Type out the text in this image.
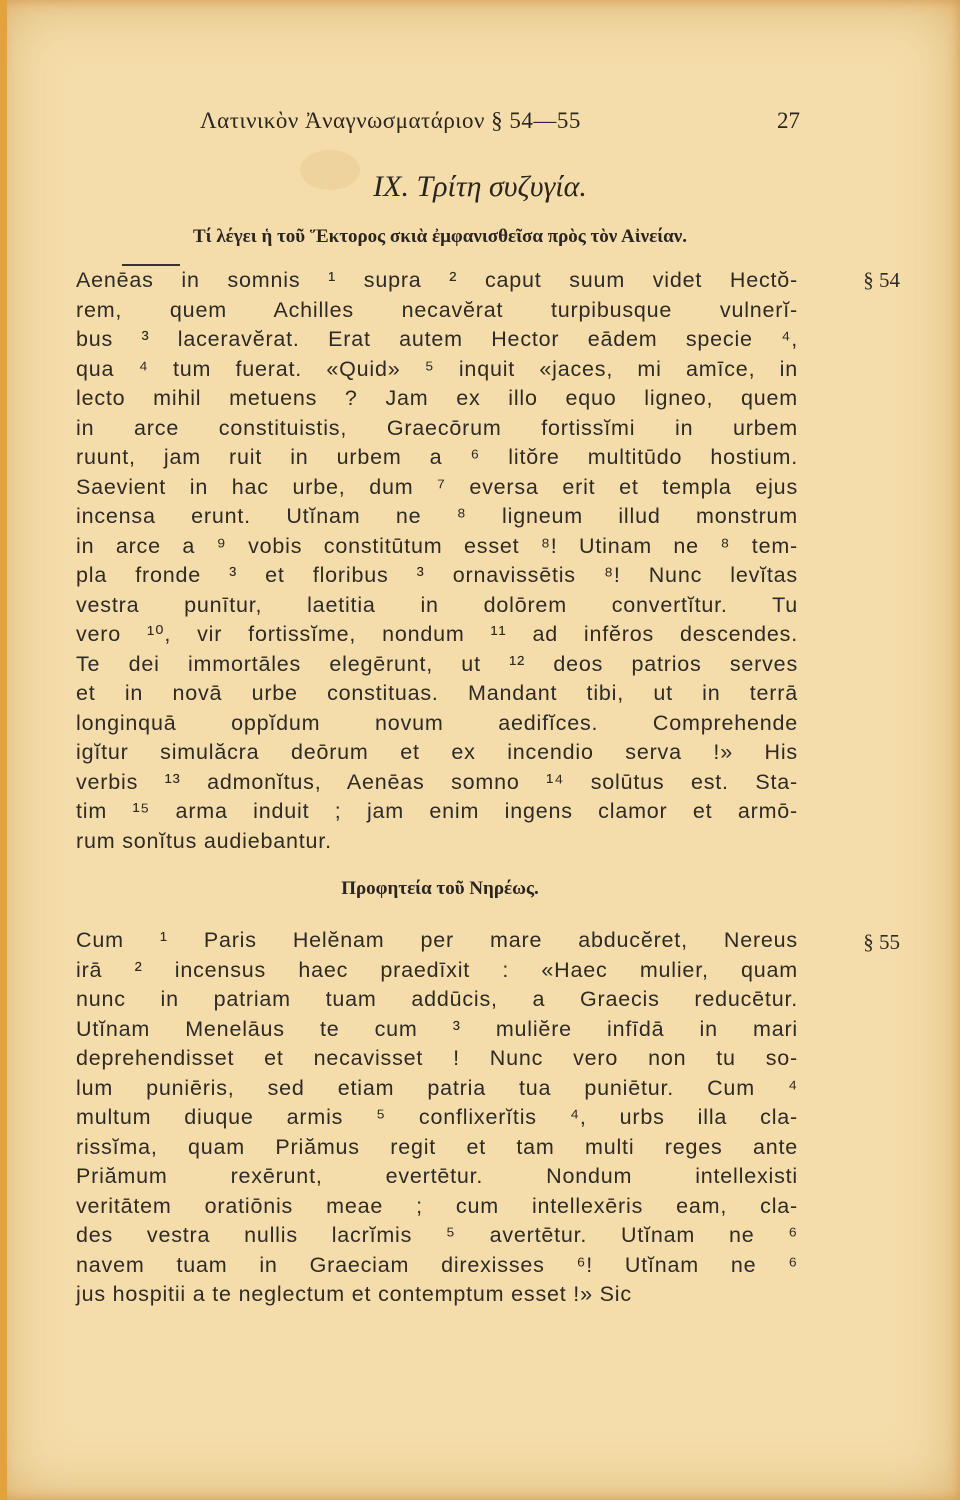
Λατινικὸν Ἀναγνωσματάριον § 54—55	27
IX. Τρίτη συζυγία.
Τί λέγει ἡ τοῦ Ἕκτορος σκιὰ ἐμφανισθεῖσα πρὸς τὸν Αἰνείαν.
§ 54
Aenēas in somnis ¹ supra ² caput suum videt Hectŏ-
rem, quem Achilles necavĕrat turpibusque vulnerĭ-
bus ³ laceravĕrat. Erat autem Hector eādem specie ⁴,
qua ⁴ tum fuerat. «Quid» ⁵ inquit «jaces, mi amīce, in
lecto mihil metuens ? Jam ex illo equo ligneo, quem
in arce constituistis, Graecōrum fortissĭmi in urbem
ruunt, jam ruit in urbem a ⁶ litŏre multitūdo hostium.
Saevient in hac urbe, dum ⁷ eversa erit et templa ejus
incensa erunt. Utĭnam ne ⁸ ligneum illud monstrum
in arce a ⁹ vobis constitūtum esset ⁸! Utinam ne ⁸ tem-
pla fronde ³ et floribus ³ ornavissētis ⁸! Nunc levĭtas
vestra punītur, laetitia in dolōrem convertĭtur. Tu
vero ¹⁰, vir fortissĭme, nondum ¹¹ ad infĕros descendes.
Te dei immortāles elegērunt, ut ¹² deos patrios serves
et in novā urbe constituas. Mandant tibi, ut in terrā
longinquā oppĭdum novum aedifĭces. Comprehende
igĭtur simulăcra deōrum et ex incendio serva !» His
verbis ¹³ admonĭtus, Aenēas somno ¹⁴ solūtus est. Sta-
tim ¹⁵ arma induit ; jam enim ingens clamor et armō-
rum sonĭtus audiebantur.
Προφητεία τοῦ Νηρέως.
§ 55
Cum ¹ Paris Helĕnam per mare abducĕret, Nereus
irā ² incensus haec praedīxit : «Haec mulier, quam
nunc in patriam tuam addūcis, a Graecis reducētur.
Utĭnam Menelāus te cum ³ muliĕre infīdā in mari
deprehendisset et necavisset ! Nunc vero non tu so-
lum puniēris, sed etiam patria tua puniētur. Cum ⁴
multum diuque armis ⁵ conflixerĭtis ⁴, urbs illa cla-
rissĭma, quam Priămus regit et tam multi reges ante
Priămum rexērunt, evertētur. Nondum intellexisti
veritātem oratiōnis meae ; cum intellexēris eam, cla-
des vestra nullis lacrĭmis ⁵ avertētur. Utĭnam ne ⁶
navem tuam in Graeciam direxisses ⁶! Utĭnam ne ⁶
jus hospitii a te neglectum et contemptum esset !» Sic
